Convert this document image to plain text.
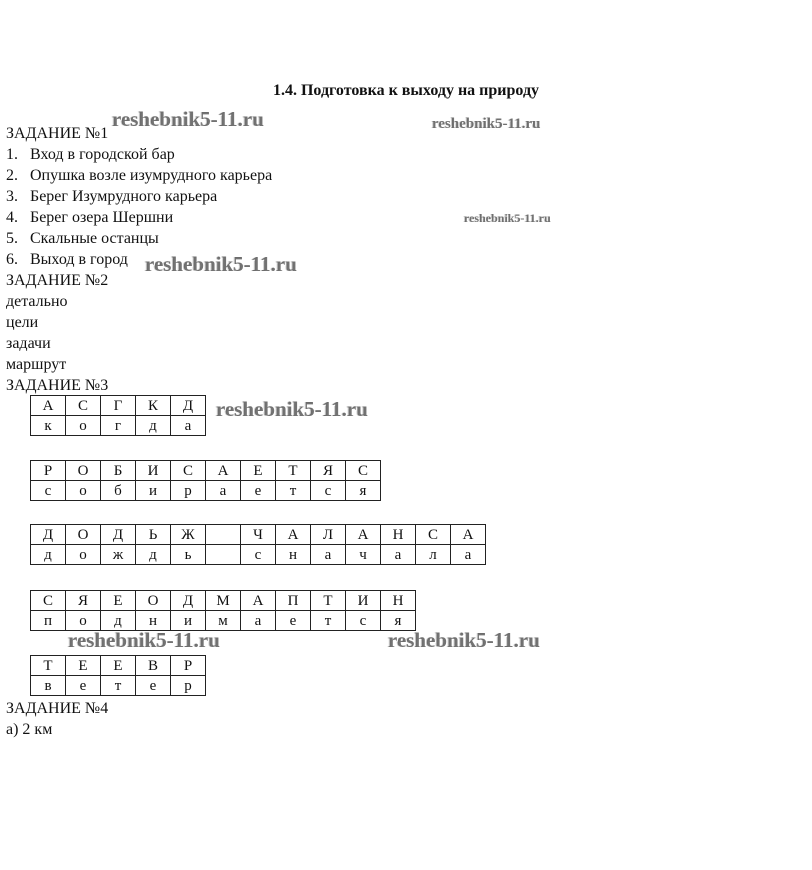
1.4. Подготовка к выходу на природу
ЗАДАНИЕ №1
1. Вход в городской бар
2. Опушка возле изумрудного карьера
3. Берег Изумрудного карьера
4. Берег озера Шершни
5. Скальные останцы
6. Выход в город
ЗАДАНИЕ №2
детально
цели
задачи
маршрут
ЗАДАНИЕ №3
А	С	Г	К	Д
к	о	г	д	а
Р	О	Б	И	С	А	Е	Т	Я	С
с	о	б	и	р	а	е	т	с	я
Д	О	Д	Ь	Ж		Ч	А	Л	А	Н	С	А
д	о	ж	д	ь		с	н	а	ч	а	л	а
С	Я	Е	О	Д	М	А	П	Т	И	Н
п	о	д	н	и	м	а	е	т	с	я
Т	Е	Е	В	Р
в	е	т	е	р
ЗАДАНИЕ №4
а) 2 км
reshebnik5-11.ru	reshebnik5-11.ru
reshebnik5-11.ru
reshebnik5-11.ru
reshebnik5-11.ru
reshebnik5-11.ru	reshebnik5-11.ru
